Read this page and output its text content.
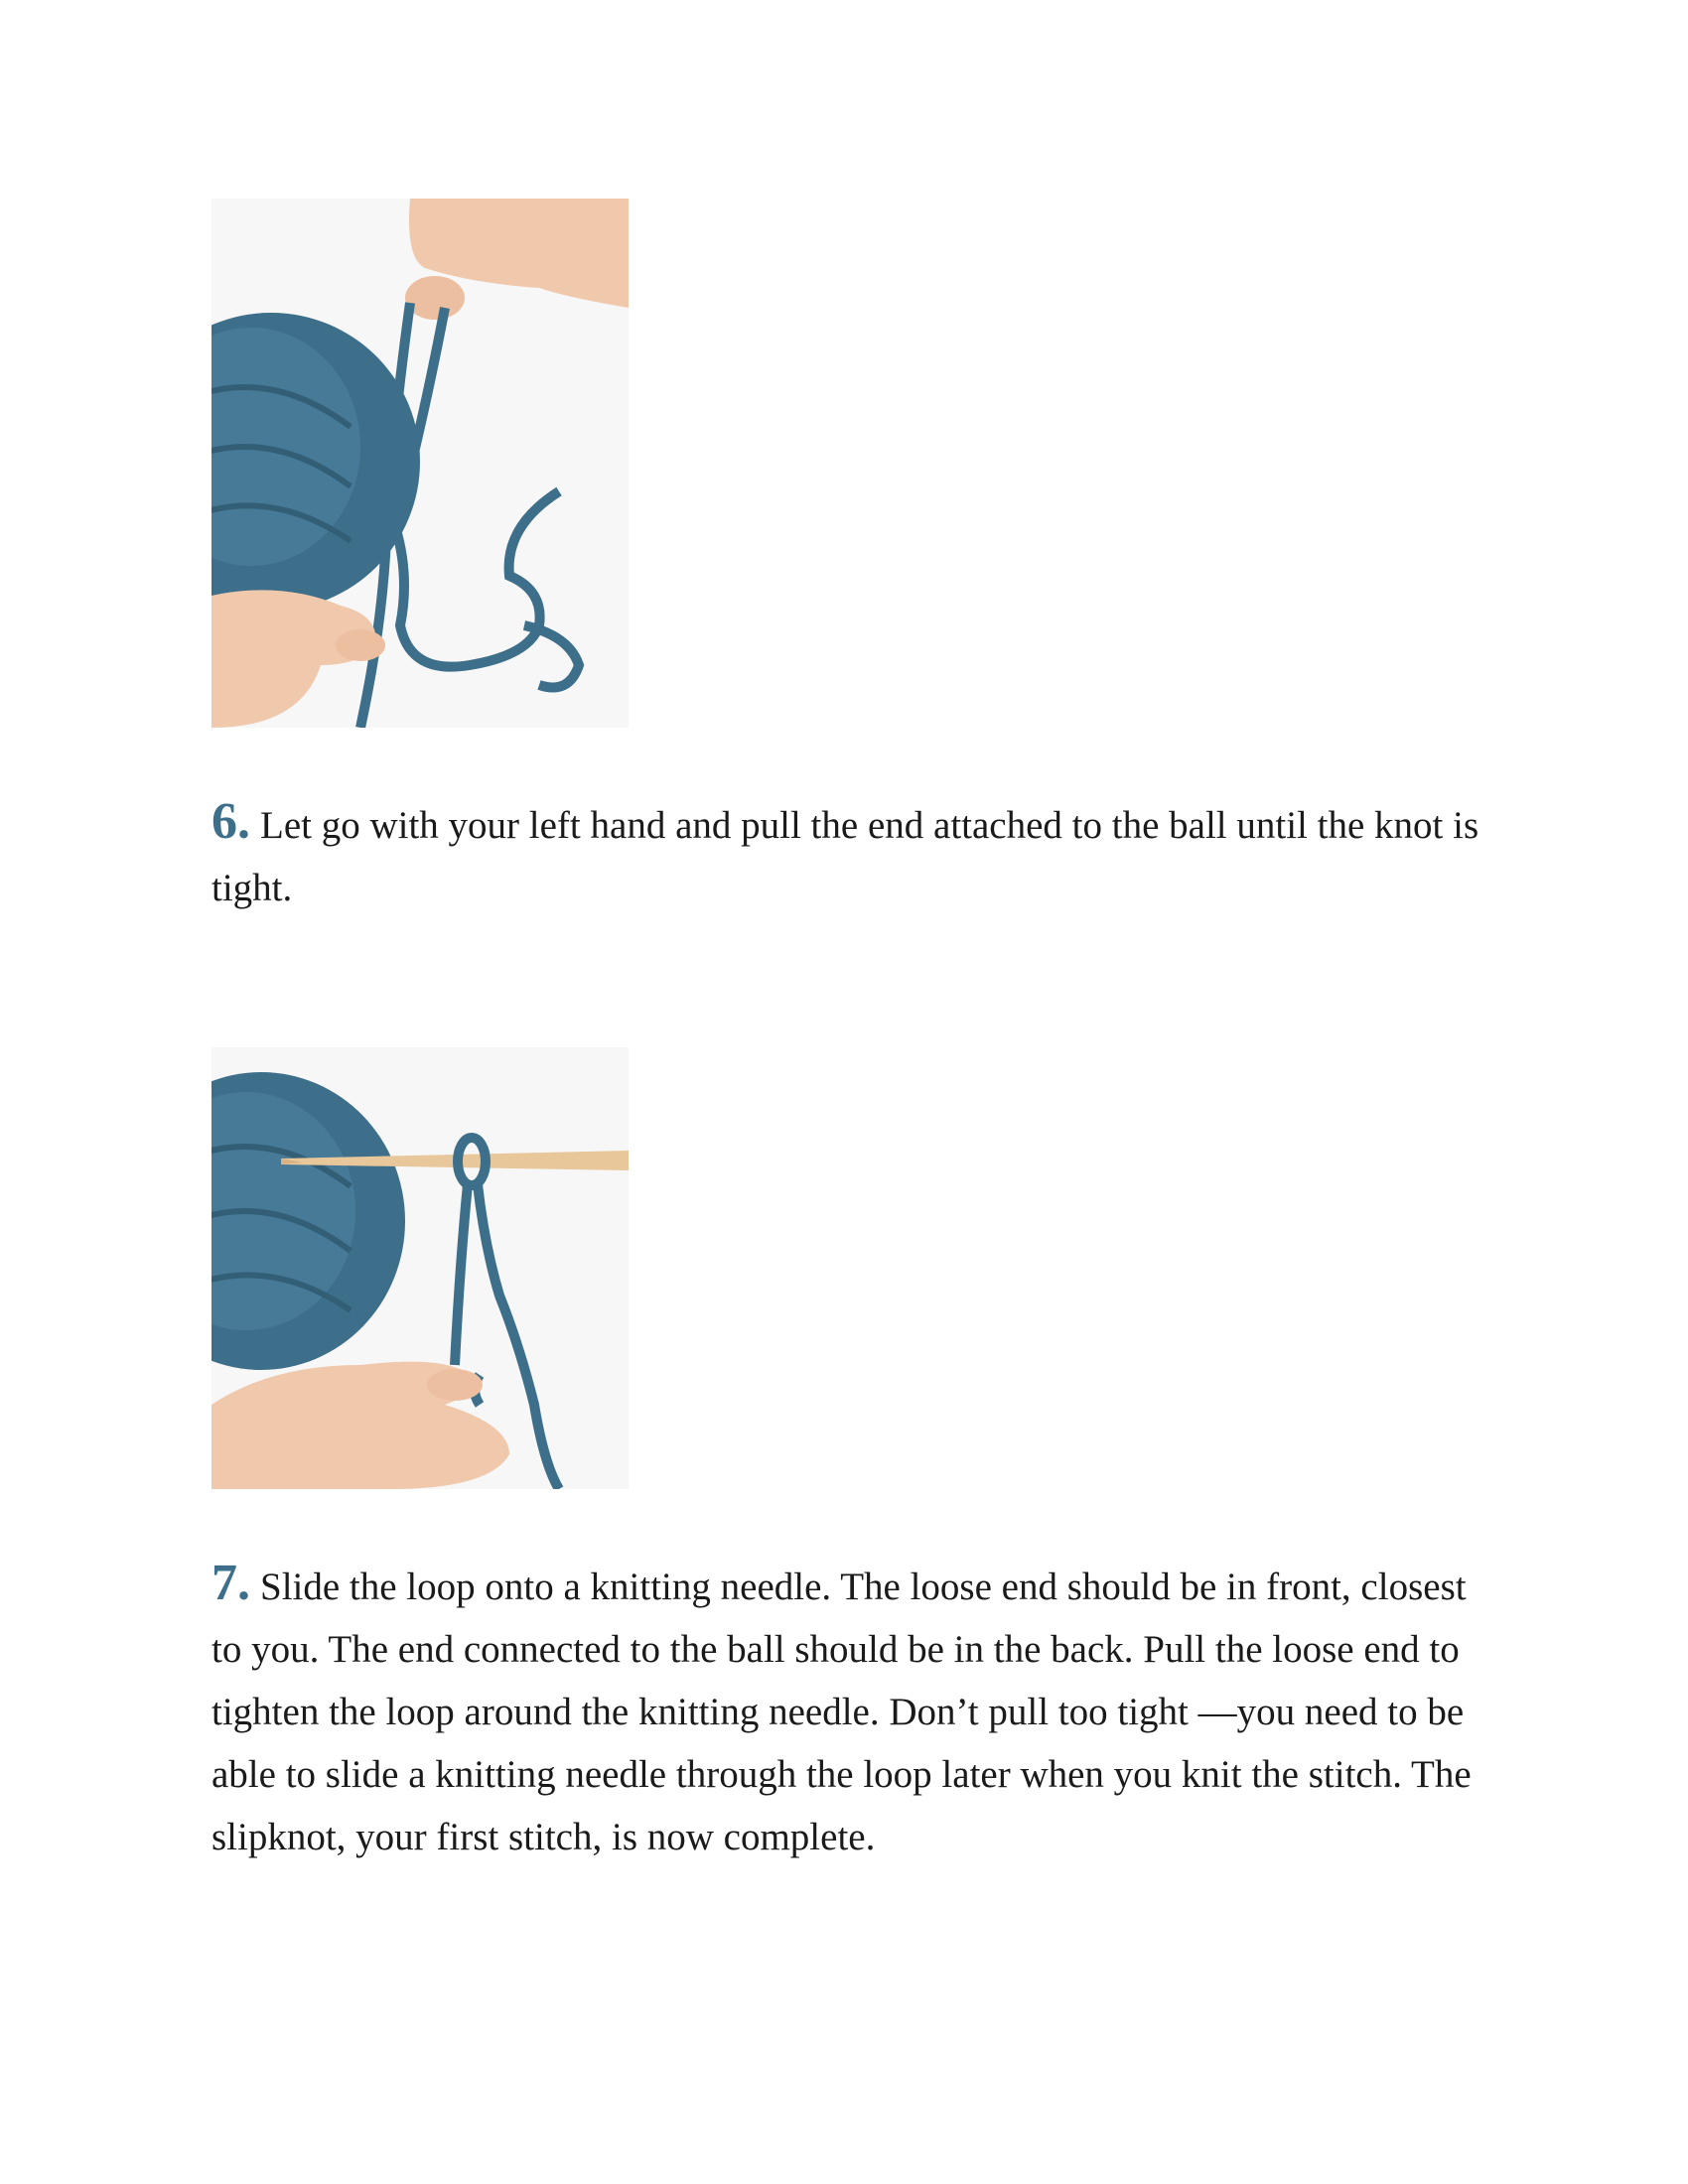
6. Let go with your left hand and pull the end attached to the ball until the knot is tight.

7. Slide the loop onto a knitting needle. The loose end should be in front, closest to you. The end connected to the ball should be in the back. Pull the loose end to tighten the loop around the knitting needle. Don’t pull too tight —you need to be able to slide a knitting needle through the loop later when you knit the stitch. The slipknot, your first stitch, is now complete.
